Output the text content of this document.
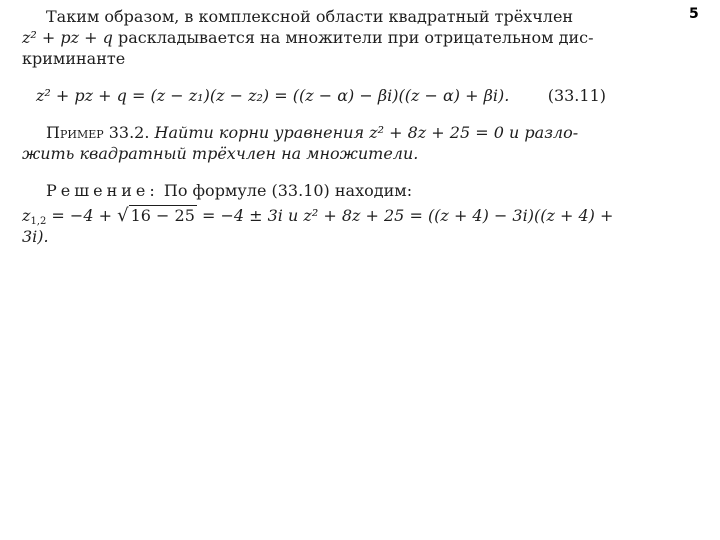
5
Таким образом, в комплексной области квадратный трёхчлен
z² + pz + q раскладывается на множители при отрицательном дис-
криминанте
z² + pz + q = (z − z₁)(z − z₂) = ((z − α) − βi)((z − α) + βi). (33.11)
Пример 33.2. Найти корни уравнения z² + 8z + 25 = 0 и разло-
жить квадратный трёхчлен на множители.
Решение: По формуле (33.10) находим:
$z_{1,2} = -4$ + √ 16 − 25 = −4 ± 3i и z² + 8z + 25 = ((z + 4) − 3i)((z + 4) + 3i).
